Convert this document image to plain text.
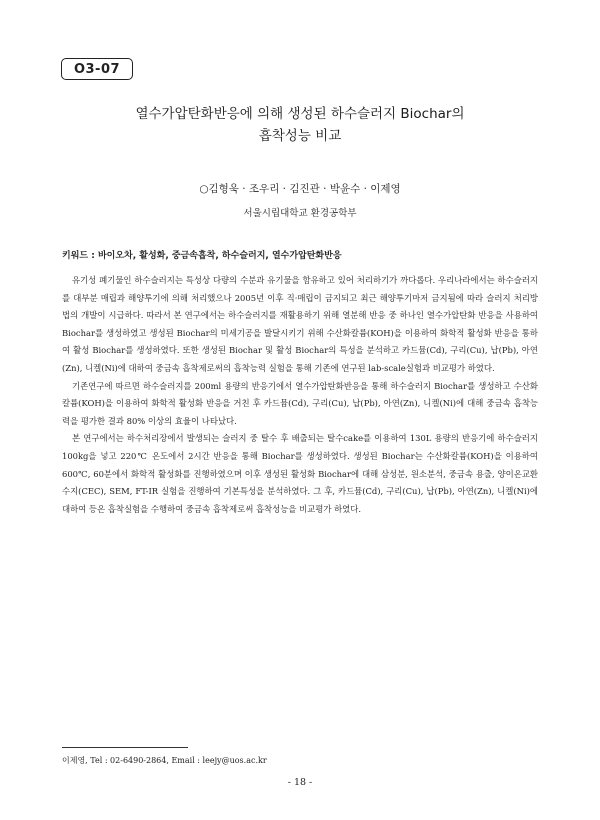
O3-07
열수가압탄화반응에 의해 생성된 하수슬러지 Biochar의
흡착성능 비교
○김형욱 · 조우리 · 김진관 · 박윤수 · 이제영
서울시립대학교 환경공학부
키워드 : 바이오차, 활성화, 중금속흡착, 하수슬러지, 열수가압탄화반응

유기성 폐기물인 하수슬러지는 특성상 다량의 수분과 유기물을 함유하고 있어 처리하기가 까다롭다. 우리나라에서는 하수슬러지를 대부분 매립과 해양투기에 의해 처리했으나 2005년 이후 직·매립이 금지되고 최근 해양투기마저 금지됨에 따라 슬러지 처리방법의 개발이 시급하다. 따라서 본 연구에서는 하수슬러지를 재활용하기 위해 열분해 반응 중 하나인 열수가압탄화 반응을 사용하여 Biochar를 생성하였고 생성된 Biochar의 미세기공을 발달시키기 위해 수산화칼륨(KOH)을 이용하여 화학적 활성화 반응을 통하여 활성 Biochar를 생성하였다. 또한 생성된 Biochar 및 활성 Biochar의 특성을 분석하고 카드뮴(Cd), 구리(Cu), 납(Pb), 아연(Zn), 니켈(Ni)에 대하여 중금속 흡착제로써의 흡착능력 실험을 통해 기존에 연구된 lab-scale실험과 비교평가 하였다.

기존연구에 따르면 하수슬러지를 200ml 용량의 반응기에서 열수가압탄화반응을 통해 하수슬러지 Biochar를 생성하고 수산화칼륨(KOH)을 이용하여 화학적 활성화 반응을 거친 후 카드뮴(Cd), 구리(Cu), 납(Pb), 아연(Zn), 니켈(Ni)에 대해 중금속 흡착능력을 평가한 결과 80% 이상의 효율이 나타났다.

본 연구에서는 하수처리장에서 발생되는 슬러지 중 탈수 후 배출되는 탈수cake를 이용하여 130L 용량의 반응기에 하수슬러지 100kg을 넣고 220℃ 온도에서 2시간 반응을 통해 Biochar를 생성하였다. 생성된 Biochar는 수산화칼륨(KOH)을 이용하여 600℃, 60분에서 화학적 활성화를 진행하였으며 이후 생성된 활성화 Biochar에 대해 삼성분, 원소분석, 중금속 용출, 양이온교환수지(CEC), SEM, FT-IR 실험을 진행하여 기본특성을 분석하였다. 그 후, 카드뮴(Cd), 구리(Cu), 납(Pb), 아연(Zn), 니켈(Ni)에 대하여 등온 흡착실험을 수행하여 중금속 흡착제로써 흡착성능을 비교평가 하였다.

이제영, Tel : 02-6490-2864, Email : leejy@uos.ac.kr
- 18 -
